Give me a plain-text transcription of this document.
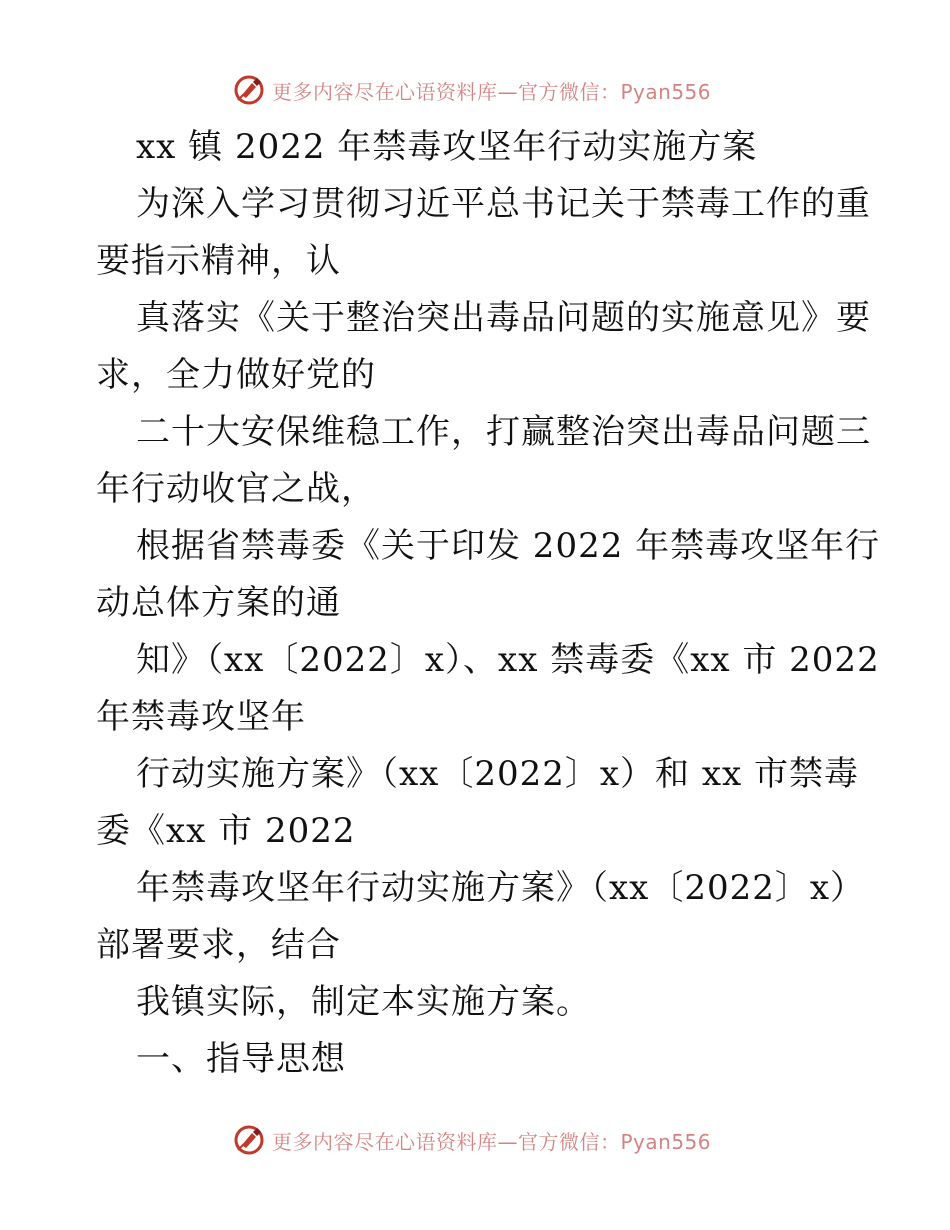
更多内容尽在心语资料库—官方微信：Pyan556
xx 镇 2022 年禁毒攻坚年行动实施方案
为深入学习贯彻习近平总书记关于禁毒工作的重
要指示精神，认
真落实《关于整治突出毒品问题的实施意见》要
求，全力做好党的
二十大安保维稳工作，打赢整治突出毒品问题三
年行动收官之战，
根据省禁毒委《关于印发 2022 年禁毒攻坚年行
动总体方案的通
知》（xx〔2022〕x）、xx 禁毒委《xx 市 2022
年禁毒攻坚年
行动实施方案》（xx〔2022〕x）和 xx 市禁毒
委《xx 市 2022
年禁毒攻坚年行动实施方案》（xx〔2022〕x）
部署要求，结合
我镇实际，制定本实施方案。
一、指导思想
更多内容尽在心语资料库—官方微信：Pyan556
